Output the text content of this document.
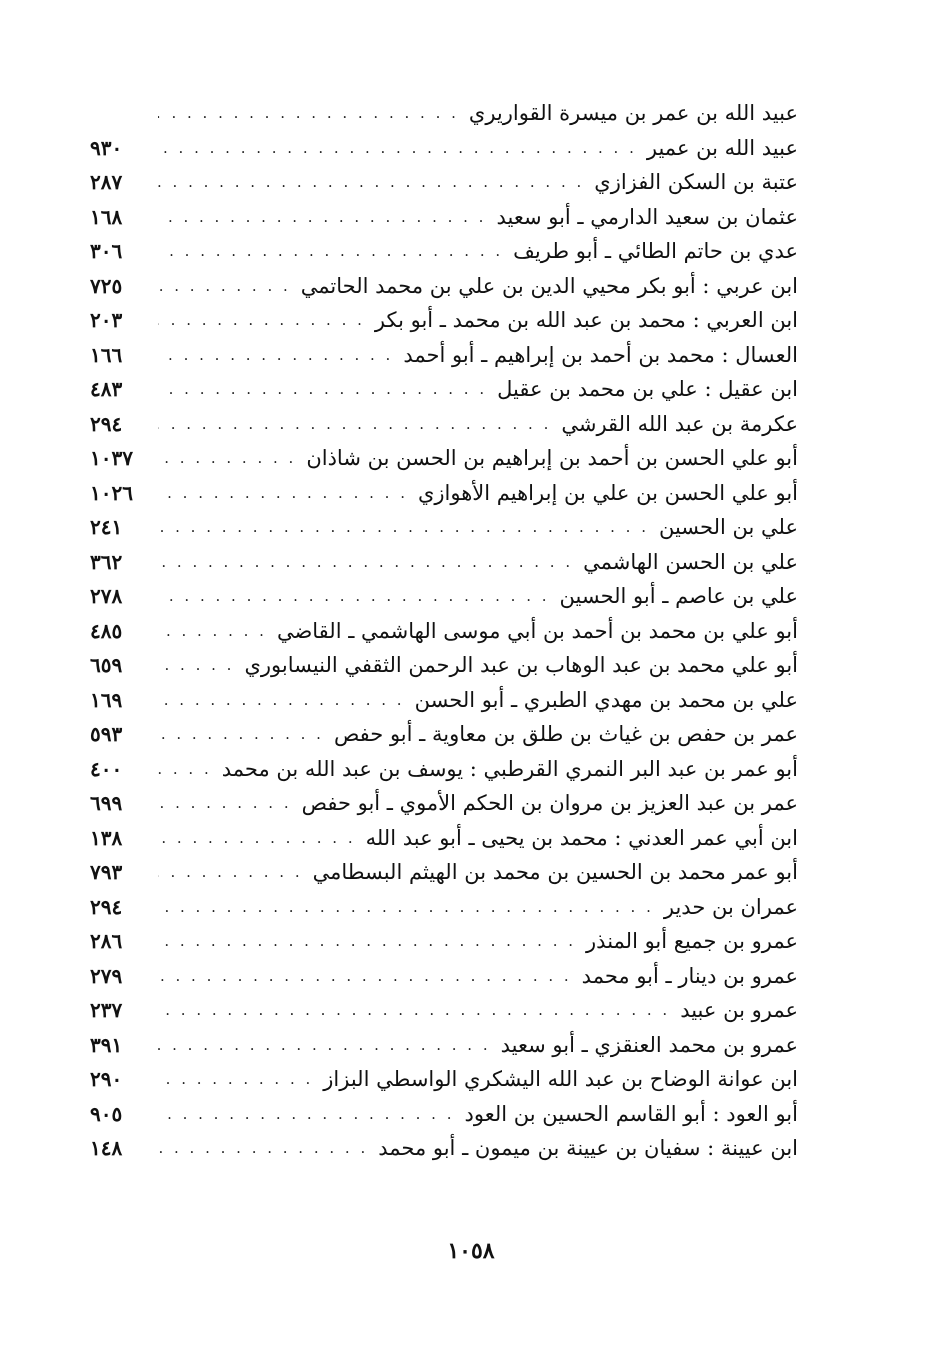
عبيد الله بن عمر بن ميسرة القواريري
. . .
عبيد الله بن عمير
. . .
٩٣٠
عتبة بن السكن الفزازي
. . .
٢٨٧
عثمان بن سعيد الدارمي ـ أبو سعيد
. . .
١٦٨
عدي بن حاتم الطائي ـ أبو طريف
. . .
٣٠٦
ابن عربي : أبو بكر محيي الدين بن علي بن محمد الحاتمي
. . .
٧٢٥
ابن العربي : محمد بن عبد الله بن محمد ـ أبو بكر
. . .
٢٠٣
العسال : محمد بن أحمد بن إبراهيم ـ أبو أحمد
. . .
١٦٦
ابن عقيل : علي بن محمد بن عقيل
. . .
٤٨٣
عكرمة بن عبد الله القرشي
. . .
٢٩٤
أبو علي الحسن بن أحمد بن إبراهيم بن الحسن بن شاذان
. . .
١٠٣٧
أبو علي الحسن بن علي بن إبراهيم الأهوازي
. . .
١٠٢٦
علي بن الحسين
. . .
٢٤١
علي بن الحسن الهاشمي
. . .
٣٦٢
علي بن عاصم ـ أبو الحسين
. . .
٢٧٨
أبو علي بن محمد بن أحمد بن أبي موسى الهاشمي ـ القاضي
. . .
٤٨٥
أبو علي محمد بن عبد الوهاب بن عبد الرحمن الثقفي النيسابوري
. . .
٦٥٩
علي بن محمد بن مهدي الطبري ـ أبو الحسن
. . .
١٦٩
عمر بن حفص بن غياث بن طلق بن معاوية ـ أبو حفص
. . .
٥٩٣
أبو عمر بن عبد البر النمري القرطبي : يوسف بن عبد الله بن محمد
. . .
٤٠٠
عمر بن عبد العزيز بن مروان بن الحكم الأموي ـ أبو حفص
. . .
٦٩٩
ابن أبي عمر العدني : محمد بن يحيى ـ أبو عبد الله
. . .
١٣٨
أبو عمر محمد بن الحسين بن محمد بن الهيثم البسطامي
. . .
٧٩٣
عمران بن حدير
. . .
٢٩٤
عمرو بن جميع أبو المنذر
. . .
٢٨٦
عمرو بن دينار ـ أبو محمد
. . .
٢٧٩
عمرو بن عبيد
. . .
٢٣٧
عمرو بن محمد العنقزي ـ أبو سعيد
. . .
٣٩١
ابن عوانة الوضاح بن عبد الله اليشكري الواسطي البزاز
. . .
٢٩٠
أبو العود : أبو القاسم الحسين بن العود
. . .
٩٠٥
ابن عيينة : سفيان بن عيينة بن ميمون ـ أبو محمد
. . .
١٤٨
١٠٥٨
